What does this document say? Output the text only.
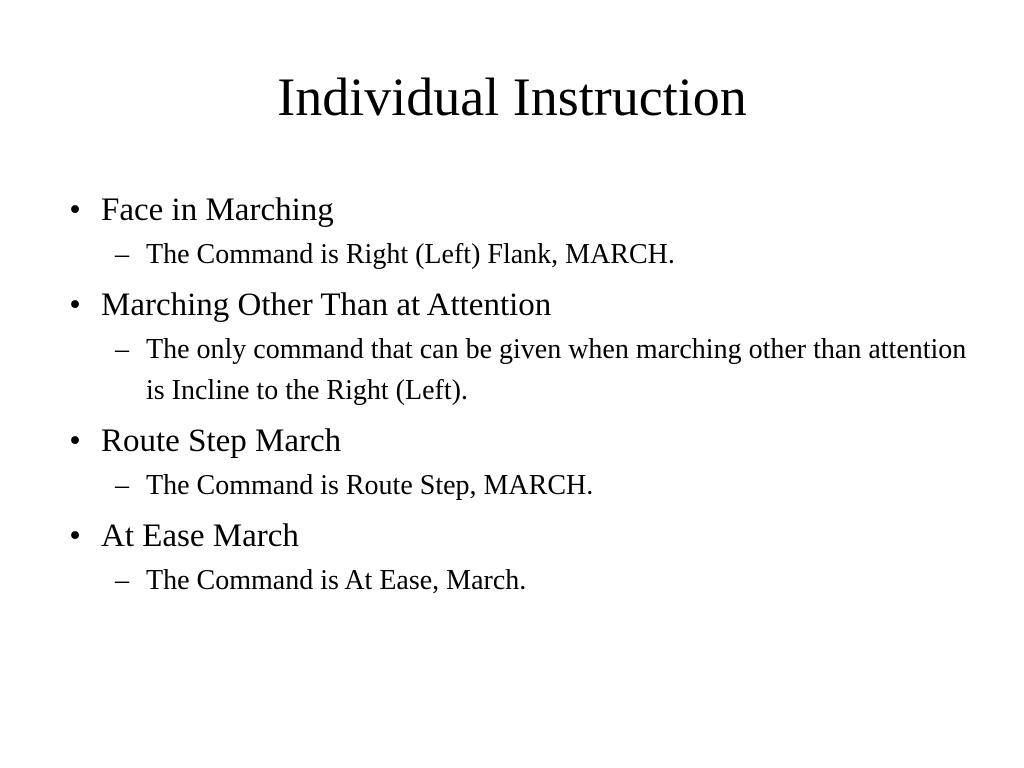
Individual Instruction
• Face in Marching
– The Command is Right (Left) Flank, MARCH.
• Marching Other Than at Attention
– The only command that can be given when marching other than attention is Incline to the Right (Left).
• Route Step March
– The Command is Route Step, MARCH.
• At Ease March
– The Command is At Ease, March.
